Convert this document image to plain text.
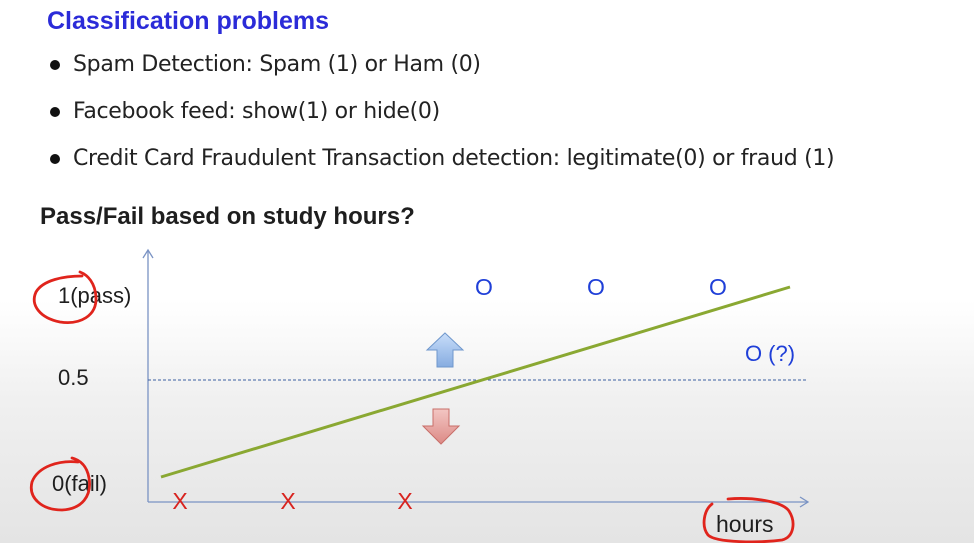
Classification problems
Spam Detection: Spam (1) or Ham (0)
Facebook feed: show(1) or hide(0)
Credit Card Fraudulent Transaction detection: legitimate(0) or fraud (1)
Pass/Fail based on study hours?
1(pass)
0.5
0(fail)
hours
O	O	O
O (?)
X	X	X
